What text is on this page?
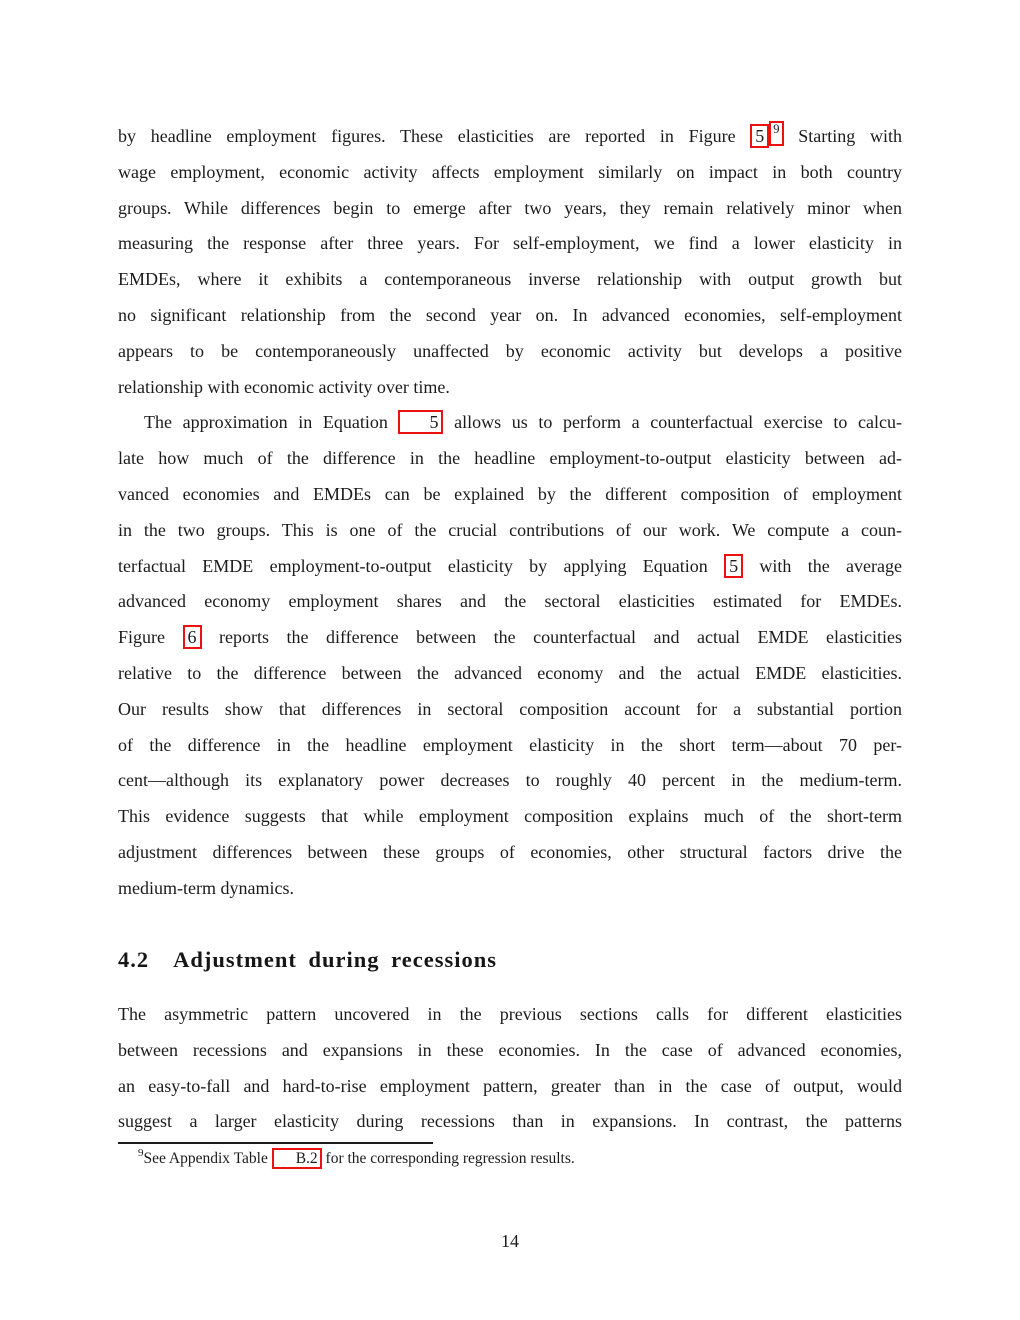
by headline employment figures. These elasticities are reported in Figure 5 9 Starting with
wage employment, economic activity affects employment similarly on impact in both country
groups. While differences begin to emerge after two years, they remain relatively minor when
measuring the response after three years. For self-employment, we find a lower elasticity in
EMDEs, where it exhibits a contemporaneous inverse relationship with output growth but
no significant relationship from the second year on. In advanced economies, self-employment
appears to be contemporaneously unaffected by economic activity but develops a positive
relationship with economic activity over time.
The approximation in Equation 5 allows us to perform a counterfactual exercise to calcu-
late how much of the difference in the headline employment-to-output elasticity between ad-
vanced economies and EMDEs can be explained by the different composition of employment
in the two groups. This is one of the crucial contributions of our work. We compute a coun-
terfactual EMDE employment-to-output elasticity by applying Equation 5 with the average
advanced economy employment shares and the sectoral elasticities estimated for EMDEs.
Figure 6 reports the difference between the counterfactual and actual EMDE elasticities
relative to the difference between the advanced economy and the actual EMDE elasticities.
Our results show that differences in sectoral composition account for a substantial portion
of the difference in the headline employment elasticity in the short term—about 70 per-
cent—although its explanatory power decreases to roughly 40 percent in the medium-term.
This evidence suggests that while employment composition explains much of the short-term
adjustment differences between these groups of economies, other structural factors drive the
medium-term dynamics.
4.2 Adjustment during recessions
The asymmetric pattern uncovered in the previous sections calls for different elasticities
between recessions and expansions in these economies. In the case of advanced economies,
an easy-to-fall and hard-to-rise employment pattern, greater than in the case of output, would
suggest a larger elasticity during recessions than in expansions. In contrast, the patterns
$^9$See Appendix Table B.2 for the corresponding regression results.
14
